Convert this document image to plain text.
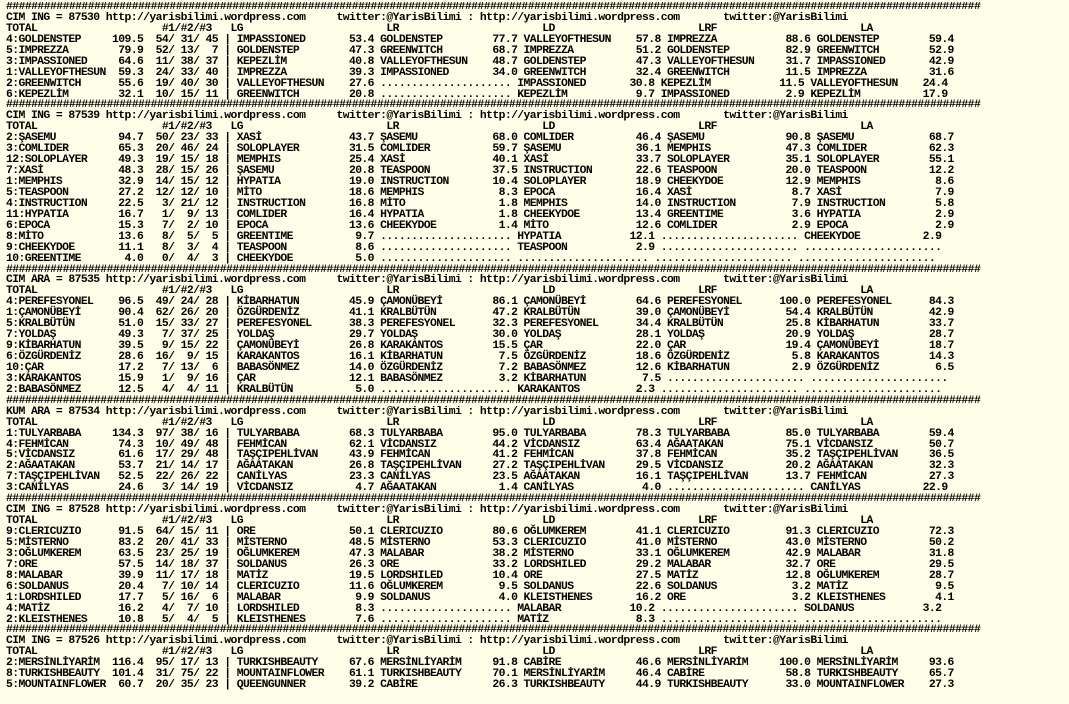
###########################################################################################################################################################
CIM ING = 87530 http://yarisbilimi.wordpress.com     twitter:@YarisBilimi : http://yarisbilimi.wordpress.com       twitter:@YarisBilimi
TOTAL                    #1/#2/#3   LG                       LR                       LD                       LRF                       LA
4:GOLDENSTEP     109.5  54/ 31/ 45 | IMPASSIONED       53.4 GOLDENSTEP        77.7 VALLEYOFTHESUN    57.8 IMPREZZA           88.6 GOLDENSTEP        59.4
5:IMPREZZA        79.9  52/ 13/  7 | GOLDENSTEP        47.3 GREENWITCH        68.7 IMPREZZA          51.2 GOLDENSTEP         82.9 GREENWITCH        52.9
3:IMPASSIONED     64.6  11/ 38/ 37 | KEPEZLİM          40.8 VALLEYOFTHESUN    48.7 GOLDENSTEP        47.3 VALLEYOFTHESUN     31.7 IMPASSIONED       42.9
1:VALLEYOFTHESUN  59.3  24/ 33/ 40 | IMPREZZA          39.3 IMPASSIONED       34.0 GREENWITCH        32.4 GREENWITCH         11.5 IMPREZZA          31.6
2:GREENWITCH      55.6  19/ 40/ 30 | VALLEYOFTHESUN    27.6 ..................... IMPASSIONED       30.8 KEPEZLİM           11.5 VALLEYOFTHESUN    24.4
6:KEPEZLİM        32.1  10/ 15/ 11 | GREENWITCH        20.8 ..................... KEPEZLİM           9.7 IMPASSIONED         2.9 KEPEZLİM          17.9
###########################################################################################################################################################
CIM ING = 87539 http://yarisbilimi.wordpress.com     twitter:@YarisBilimi : http://yarisbilimi.wordpress.com       twitter:@YarisBilimi
TOTAL                    #1/#2/#3   LG                       LR                       LD                       LRF                       LA
2:ŞASEMU          94.7  50/ 23/ 33 | XASİ              43.7 ŞASEMU            68.0 COMLIDER          46.4 ŞASEMU             90.8 ŞASEMU            68.7
3:COMLIDER        65.3  20/ 46/ 24 | SOLOPLAYER        31.5 COMLIDER          59.7 ŞASEMU            36.1 MEMPHIS            47.3 COMLIDER          62.3
12:SOLOPLAYER     49.3  19/ 15/ 18 | MEMPHIS           25.4 XASİ              40.1 XASİ              33.7 SOLOPLAYER         35.1 SOLOPLAYER        55.1
7:XASİ            48.3  28/ 15/ 26 | ŞASEMU            20.8 TEASPOON          37.5 INSTRUCTION       22.6 TEASPOON           20.0 TEASPOON          12.2
1:MEMPHIS         32.9  14/ 15/ 12 | HYPATIA           19.0 INSTRUCTION       10.4 SOLOPLAYER        18.9 CHEEKYDOE          12.9 MEMPHIS            8.6
5:TEASPOON        27.2  12/ 12/ 10 | MİTO              18.6 MEMPHIS            8.3 EPOCA             16.4 XASİ                8.7 XASİ               7.9
4:INSTRUCTION     22.5   3/ 21/ 12 | INSTRUCTION       16.8 MİTO               1.8 MEMPHIS           14.0 INSTRUCTION         7.9 INSTRUCTION        5.8
11:HYPATIA        16.7   1/  9/ 13 | COMLIDER          16.4 HYPATIA            1.8 CHEEKYDOE         13.4 GREENTIME           3.6 HYPATIA            2.9
6:EPOCA           15.3   7/  2/ 10 | EPOCA             13.6 CHEEKYDOE          1.4 MİTO              12.6 COMLIDER            2.9 EPOCA              2.9
8:MİTO            13.6   8/  5/  5 | GREENTIME          9.7 ..................... HYPATIA           12.1 ...................... CHEEKYDOE          2.9
9:CHEEKYDOE       11.1   8/  3/  4 | TEASPOON           8.6 ..................... TEASPOON           2.9 ...................... ......................
10:GREENTIME       4.0   0/  4/  3 | CHEEKYDOE          5.0 ..................... ..................... ...................... ......................
###########################################################################################################################################################
CIM ARA = 87535 http://yarisbilimi.wordpress.com     twitter:@YarisBilimi : http://yarisbilimi.wordpress.com       twitter:@YarisBilimi
TOTAL                    #1/#2/#3   LG                       LR                       LD                       LRF                       LA
4:PEREFESYONEL    96.5  49/ 24/ 28 | KİBARHATUN        45.9 ÇAMONÜBEYİ        86.1 ÇAMONÜBEYİ        64.6 PEREFESYONEL      100.0 PEREFESYONEL      84.3
1:ÇAMONÜBEYİ      90.4  62/ 26/ 20 | ÖZGÜRDENİZ        41.1 KRALBÜTÜN         47.2 KRALBÜTÜN         39.0 ÇAMONÜBEYİ         54.4 KRALBÜTÜN         42.9
5:KRALBÜTÜN       51.0  15/ 33/ 27 | PEREFESYONEL      38.3 PEREFESYONEL      32.3 PEREFESYONEL      34.4 KRALBÜTÜN          25.8 KİBARHATUN        33.7
7:YOLDAŞ          49.3   7/ 37/ 25 | YOLDAŞ            29.7 YOLDAŞ            30.0 YOLDAŞ            28.1 YOLDAŞ             20.9 YOLDAŞ            28.7
9:KİBARHATUN      39.5   9/ 15/ 22 | ÇAMONÜBEYİ        26.8 KARAKANTOS        15.5 ÇAR               22.0 ÇAR                19.4 ÇAMONÜBEYİ        18.7
6:ÖZGÜRDENİZ      28.6  16/  9/ 15 | KARAKANTOS        16.1 KİBARHATUN         7.5 ÖZGÜRDENİZ        18.6 ÖZGÜRDENİZ          5.8 KARAKANTOS        14.3
10:ÇAR            17.2   7/ 13/  6 | BABASÖNMEZ        14.0 ÖZGÜRDENİZ         7.2 BABASÖNMEZ        12.6 KİBARHATUN          2.9 ÖZGÜRDENİZ         6.5
3:KARAKANTOS      15.9   1/  9/ 16 | ÇAR               12.1 BABASÖNMEZ         3.2 KİBARHATUN         7.5 ...................... ......................
2:BABASÖNMEZ      12.5   4/  4/ 11 | KRALBÜTÜN          5.0 ..................... KARAKANTOS         2.3 ...................... ......................
###########################################################################################################################################################
KUM ARA = 87534 http://yarisbilimi.wordpress.com     twitter:@YarisBilimi : http://yarisbilimi.wordpress.com       twitter:@YarisBilimi
TOTAL                    #1/#2/#3   LG                       LR                       LD                       LRF                       LA
1:TULYARBABA     134.3  97/ 38/ 16 | TULYARBABA        68.3 TULYARBABA        95.0 TULYARBABA        78.3 TULYARBABA         85.0 TULYARBABA        59.4
4:FEHMİCAN        74.3  10/ 49/ 48 | FEHMİCAN          62.1 VİCDANSIZ         44.2 VİCDANSIZ         63.4 AĞAATAKAN          75.1 VİCDANSIZ         50.7
5:VİCDANSIZ       61.6  17/ 29/ 48 | TAŞÇIPEHLİVAN     43.9 FEHMİCAN          41.2 FEHMİCAN          37.8 FEHMİCAN           35.2 TAŞÇIPEHLİVAN     36.5
2:AĞAATAKAN       53.7  21/ 14/ 17 | AĞAATAKAN         26.8 TAŞÇIPEHLİVAN     27.2 TAŞÇIPEHLİVAN     29.5 VİCDANSIZ          20.2 AĞAATAKAN         32.3
7:TAŞÇIPEHLİVAN   52.5  22/ 26/ 22 | CANİLYAS          23.3 CANİLYAS          23.5 AĞAATAKAN         16.1 TAŞÇIPEHLİVAN      13.7 FEHMİCAN          27.3
3:CANİLYAS        24.6   3/ 14/ 19 | VİCDANSIZ          4.7 AĞAATAKAN          1.4 CANİLYAS           4.0 ...................... CANİLYAS          22.9
###########################################################################################################################################################
CIM ING = 87528 http://yarisbilimi.wordpress.com     twitter:@YarisBilimi : http://yarisbilimi.wordpress.com       twitter:@YarisBilimi
TOTAL                    #1/#2/#3   LG                       LR                       LD                       LRF                       LA
9:CLERICUZIO      91.5  64/ 15/ 11 | ORE               50.1 CLERICUZIO        80.6 OĞLUMKEREM        41.1 CLERICUZIO         91.3 CLERICUZIO        72.3
5:MİSTERNO        83.2  20/ 41/ 33 | MİSTERNO          48.5 MİSTERNO          53.3 CLERICUZIO        41.0 MİSTERNO           43.0 MİSTERNO          50.2
3:OĞLUMKEREM      63.5  23/ 25/ 19 | OĞLUMKEREM        47.3 MALABAR           38.2 MİSTERNO          33.1 OĞLUMKEREM         42.9 MALABAR           31.8
7:ORE             57.5  14/ 18/ 37 | SOLDANUS          26.3 ORE               33.2 LORDSHILED        29.2 MALABAR            32.7 ORE               29.5
8:MALABAR         39.9  11/ 17/ 18 | MATİZ             19.5 LORDSHILED        10.4 ORE               27.5 MATİZ              12.8 OĞLUMKEREM        28.7
6:SOLDANUS        20.4   7/ 10/ 14 | CLERICUZIO        11.6 OĞLUMKEREM         9.5 SOLDANUS          22.6 SOLDANUS            3.2 MATİZ              9.5
1:LORDSHILED      17.7   5/ 16/  6 | MALABAR            9.9 SOLDANUS           4.0 KLEISTHENES       16.2 ORE                 3.2 KLEISTHENES        4.1
4:MATİZ           16.2   4/  7/ 10 | LORDSHILED         8.3 ..................... MALABAR           10.2 ...................... SOLDANUS           3.2
2:KLEISTHENES     10.8   5/  4/  5 | KLEISTHENES        7.6 ..................... MATİZ              8.3 ...................... ......................
###########################################################################################################################################################
CIM ING = 87526 http://yarisbilimi.wordpress.com     twitter:@YarisBilimi : http://yarisbilimi.wordpress.com       twitter:@YarisBilimi
TOTAL                    #1/#2/#3   LG                       LR                       LD                       LRF                       LA
2:MERSİNLİYARİM  116.4  95/ 17/ 13 | TURKISHBEAUTY     67.6 MERSİNLİYARİM     91.8 CABİRE            46.6 MERSİNLİYARİM     100.0 MERSİNLİYARİM     93.6
8:TURKISHBEAUTY  101.4  31/ 75/ 22 | MOUNTAINFLOWER    61.1 TURKISHBEAUTY     70.1 MERSİNLİYARİM     46.4 CABİRE             58.8 TURKISHBEAUTY     65.7
5:MOUNTAINFLOWER  60.7  20/ 35/ 23 | QUEENGUNNER       39.2 CABİRE            26.3 TURKISHBEAUTY     44.9 TURKISHBEAUTY      33.0 MOUNTAINFLOWER    27.3
